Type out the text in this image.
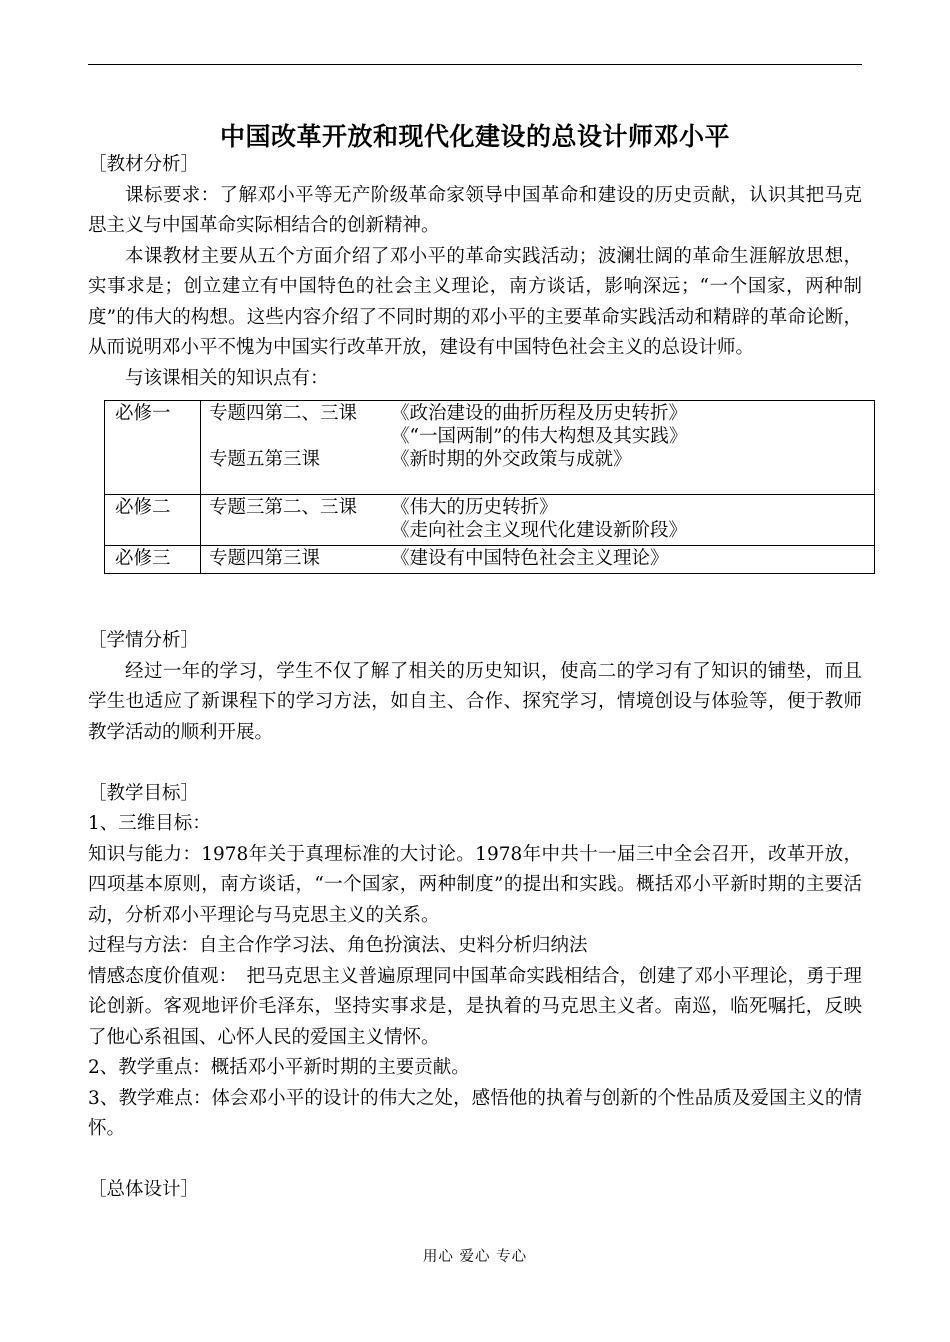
中国改革开放和现代化建设的总设计师邓小平

［教材分析］

课标要求：了解邓小平等无产阶级革命家领导中国革命和建设的历史贡献，认识其把马克思主义与中国革命实际相结合的创新精神。

本课教材主要从五个方面介绍了邓小平的革命实践活动；波澜壮阔的革命生涯解放思想，实事求是；创立建立有中国特色的社会主义理论，南方谈话，影响深远；“一个国家，两种制度”的伟大的构想。这些内容介绍了不同时期的邓小平的主要革命实践活动和精辟的革命论断，从而说明邓小平不愧为中国实行改革开放，建设有中国特色社会主义的总设计师。

与该课相关的知识点有：

必修一	专题四第二、三课 《政治建设的曲折历程及历史转折》
《“一国两制”的伟大构想及其实践》
专题五第三课 《新时期的外交政策与成就》

必修二	专题三第二、三课 《伟大的历史转折》
《走向社会主义现代化建设新阶段》

必修三	专题四第三课 《建设有中国特色社会主义理论》

［学情分析］

经过一年的学习，学生不仅了解了相关的历史知识，使高二的学习有了知识的铺垫，而且学生也适应了新课程下的学习方法，如自主、合作、探究学习，情境创设与体验等，便于教师教学活动的顺利开展。

［教学目标］

1、三维目标：

知识与能力：1978年关于真理标准的大讨论。1978年中共十一届三中全会召开，改革开放，四项基本原则，南方谈话，“一个国家，两种制度”的提出和实践。概括邓小平新时期的主要活动，分析邓小平理论与马克思主义的关系。

过程与方法：自主合作学习法、角色扮演法、史料分析归纳法

情感态度价值观：　把马克思主义普遍原理同中国革命实践相结合，创建了邓小平理论，勇于理论创新。客观地评价毛泽东，坚持实事求是，是执着的马克思主义者。南巡，临死嘱托，反映了他心系祖国、心怀人民的爱国主义情怀。

2、教学重点：概括邓小平新时期的主要贡献。

3、教学难点：体会邓小平的设计的伟大之处，感悟他的执着与创新的个性品质及爱国主义的情怀。

［总体设计］

用心 爱心 专心
